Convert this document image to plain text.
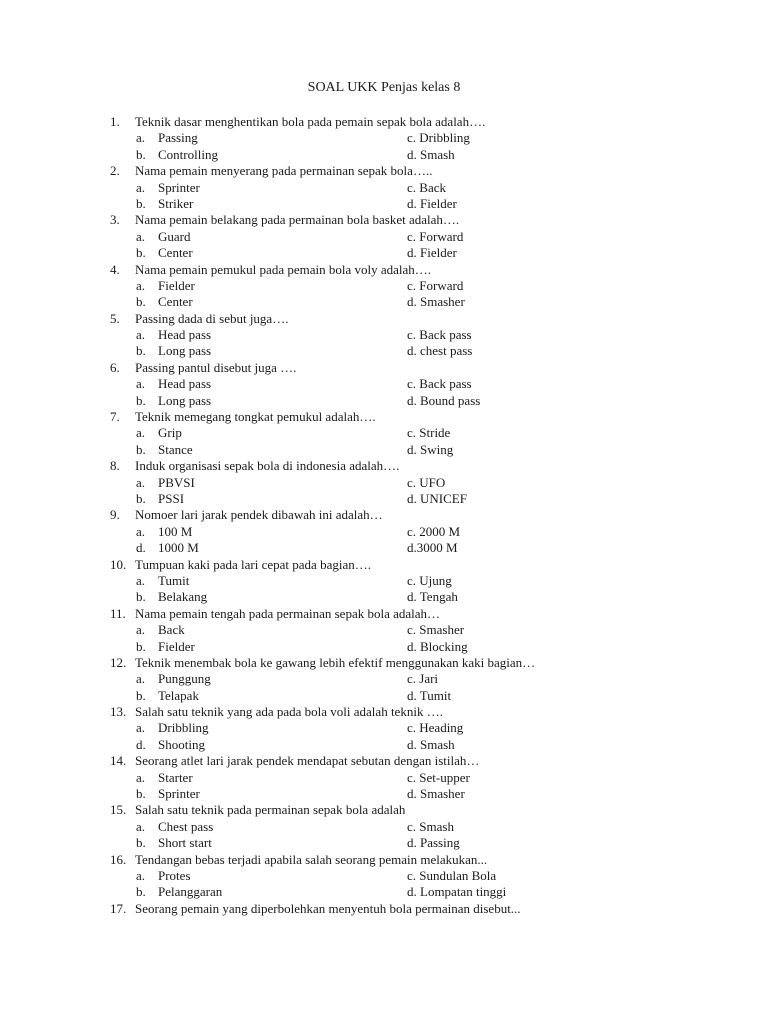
SOAL UKK Penjas kelas 8
1.	Teknik dasar menghentikan bola pada pemain sepak bola adalah….
a. Passing	c. Dribbling
b. Controlling	d. Smash
2.	Nama pemain menyerang pada permainan sepak bola…..
a. Sprinter	c. Back
b. Striker	d. Fielder
3.	Nama pemain belakang pada permainan bola basket adalah….
a. Guard	c. Forward
b. Center	d. Fielder
4.	Nama pemain pemukul pada pemain bola voly adalah….
a. Fielder	c. Forward
b. Center	d. Smasher
5.	Passing dada di sebut juga….
a. Head pass	c. Back pass
b. Long pass	d. chest pass
6.	Passing pantul disebut juga ….
a. Head pass	c. Back pass
b. Long pass	d. Bound pass
7.	Teknik memegang tongkat pemukul adalah….
a. Grip	c. Stride
b. Stance	d. Swing
8.	Induk organisasi sepak bola di indonesia adalah….
a. PBVSI	c. UFO
b. PSSI	d. UNICEF
9.	Nomoer lari jarak pendek dibawah ini adalah…
a. 100 M	c. 2000 M
d. 1000 M	d.3000 M
10. Tumpuan kaki pada lari cepat pada bagian….
a. Tumit	c. Ujung
b. Belakang	d. Tengah
11. Nama pemain tengah pada permainan sepak bola adalah…
a. Back	c. Smasher
b. Fielder	d. Blocking
12. Teknik menembak bola ke gawang lebih efektif menggunakan kaki bagian…
a. Punggung	c. Jari
b. Telapak	d. Tumit
13. Salah satu teknik yang ada pada bola voli adalah teknik ….
a. Dribbling	c. Heading
d. Shooting	d. Smash
14. Seorang atlet lari jarak pendek mendapat sebutan dengan istilah…
a. Starter	c. Set-upper
b. Sprinter	d. Smasher
15. Salah satu teknik pada permainan sepak bola adalah
a. Chest pass	c. Smash
b. Short start	d. Passing
16. Tendangan bebas terjadi apabila salah seorang pemain melakukan...
a. Protes	c. Sundulan Bola
b. Pelanggaran	d. Lompatan tinggi
17. Seorang pemain yang diperbolehkan menyentuh bola permainan disebut...
